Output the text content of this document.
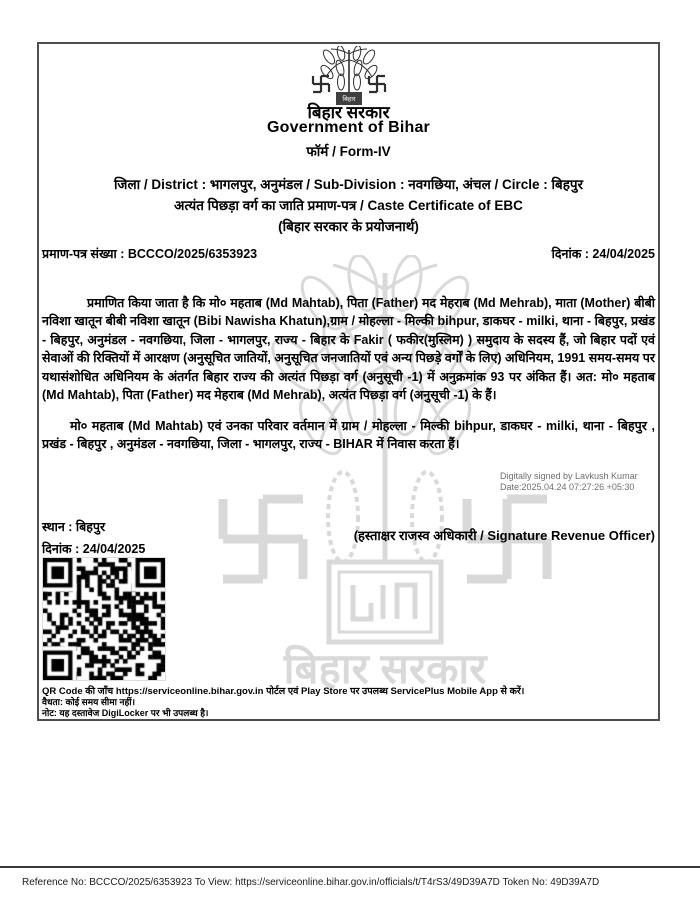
बिहार सरकार
बिहार
बिहार सरकार
Government of Bihar
फॉर्म / Form-IV
जिला / District : भागलपुर, अनुमंडल / Sub-Division : नवगछिया, अंचल / Circle : बिहपुर
अत्यंत पिछड़ा वर्ग का जाति प्रमाण-पत्र / Caste Certificate of EBC
(बिहार सरकार के प्रयोजनार्थ)
प्रमाण-पत्र संख्या : BCCCO/2025/6353923	दिनांक : 24/04/2025
प्रमाणित किया जाता है कि मो० महताब (Md Mahtab), पिता (Father) मद मेहराब (Md Mehrab), माता (Mother) बीबी नविशा खातून बीबी नविशा खातून (Bibi Nawisha Khatun),ग्राम / मोहल्ला - मिल्की bihpur, डाकघर - milki, थाना - बिहपुर, प्रखंड - बिहपुर, अनुमंडल - नवगछिया, जिला - भागलपुर, राज्य - बिहार के Fakir ( फकीर(मुस्लिम) ) समुदाय के सदस्य हैं, जो बिहार पदों एवं सेवाओं की रिक्तियों में आरक्षण (अनुसूचित जातियों, अनुसूचित जनजातियों एवं अन्य पिछड़े वर्गों के लिए) अधिनियम, 1991 समय-समय पर यथासंशोधित अधिनियम के अंतर्गत बिहार राज्य की अत्यंत पिछड़ा वर्ग (अनुसूची -1) में अनुक्रमांक 93 पर अंकित हैं। अत: मो० महताब (Md Mahtab), पिता (Father) मद मेहराब (Md Mehrab), अत्यंत पिछड़ा वर्ग (अनुसूची -1) के हैं।
मो० महताब (Md Mahtab) एवं उनका परिवार वर्तमान में ग्राम / मोहल्ला - मिल्की bihpur, डाकघर - milki, थाना - बिहपुर , प्रखंड - बिहपुर , अनुमंडल - नवगछिया, जिला - भागलपुर, राज्य - BIHAR में निवास करता हैं।
Digitally signed by Lavkush Kumar
Date:2025.04.24 07:27:26 +05:30
स्थान : बिहपुर
(हस्ताक्षर राजस्व अधिकारी / Signature Revenue Officer)
दिनांक : 24/04/2025
QR Code की जाँच https://serviceonline.bihar.gov.in पोर्टल एवं Play Store पर उपलब्ध ServicePlus Mobile App से करें।
वैधता: कोई समय सीमा नहीं।
नोट: यह दस्तावेज DigiLocker पर भी उपलब्ध है।
Reference No: BCCCO/2025/6353923 To View: https://serviceonline.bihar.gov.in/officials/t/T4rS3/49D39A7D Token No: 49D39A7D
